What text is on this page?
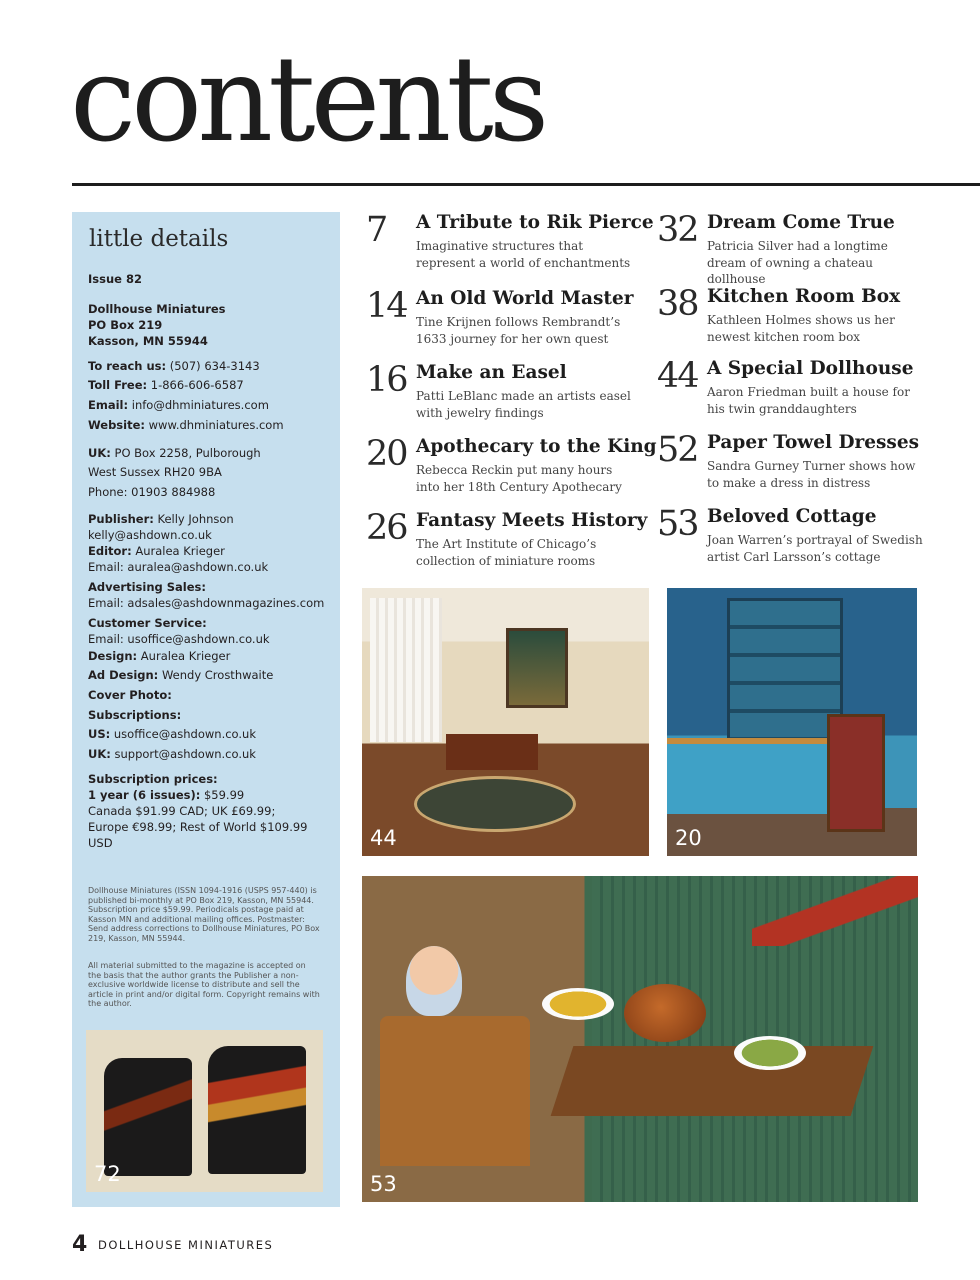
contents
little details

Issue 82

Dollhouse Miniatures

PO Box 219

Kasson, MN 55944

To reach us: (507) 634-3143

Toll Free: 1-866-606-6587

Email: info@dhminiatures.com

Website: www.dhminiatures.com

UK: PO Box 2258, Pulborough

West Sussex RH20 9BA

Phone: 01903 884988

Publisher: Kelly Johnson

kelly@ashdown.co.uk

Editor: Auralea Krieger

Email: auralea@ashdown.co.uk

Advertising Sales:

Email: adsales@ashdownmagazines.com

Customer Service:

Email: usoffice@ashdown.co.uk

Design: Auralea Krieger

Ad Design: Wendy Crosthwaite

Cover Photo:

Subscriptions:

US: usoffice@ashdown.co.uk

UK: support@ashdown.co.uk

Subscription prices:

1 year (6 issues): $59.99

Canada $91.99 CAD; UK £69.99;

Europe €98.99; Rest of World $109.99 USD

Dollhouse Miniatures (ISSN 1094-1916 (USPS 957-440) is published bi-monthly at PO Box 219, Kasson, MN 55944. Subscription price $59.99. Periodicals postage paid at Kasson MN and additional mailing offices. Postmaster: Send address corrections to Dollhouse Miniatures, PO Box 219, Kasson, MN 55944.
All material submitted to the magazine is accepted on the basis that the author grants the Publisher a non-exclusive worldwide license to distribute and sell the article in print and/or digital form. Copyright remains with the author.
72
7 A Tribute to Rik Pierce
Imaginative structures that represent a world of enchantments
14 An Old World Master
Tine Krijnen follows Rembrandt’s 1633 journey for her own quest
16 Make an Easel
Patti LeBlanc made an artists easel with jewelry findings
20 Apothecary to the King
Rebecca Reckin put many hours into her 18th Century Apothecary
26 Fantasy Meets History
The Art Institute of Chicago’s collection of miniature rooms
32 Dream Come True
Patricia Silver had a longtime dream of owning a chateau dollhouse
38 Kitchen Room Box
Kathleen Holmes shows us her newest kitchen room box
44 A Special Dollhouse
Aaron Friedman built a house for his twin granddaughters
52 Paper Towel Dresses
Sandra Gurney Turner shows how to make a dress in distress
53 Beloved Cottage
Joan Warren’s portrayal of Swedish artist Carl Larsson’s cottage
44	20
53
4 DOLLHOUSE MINIATURES
